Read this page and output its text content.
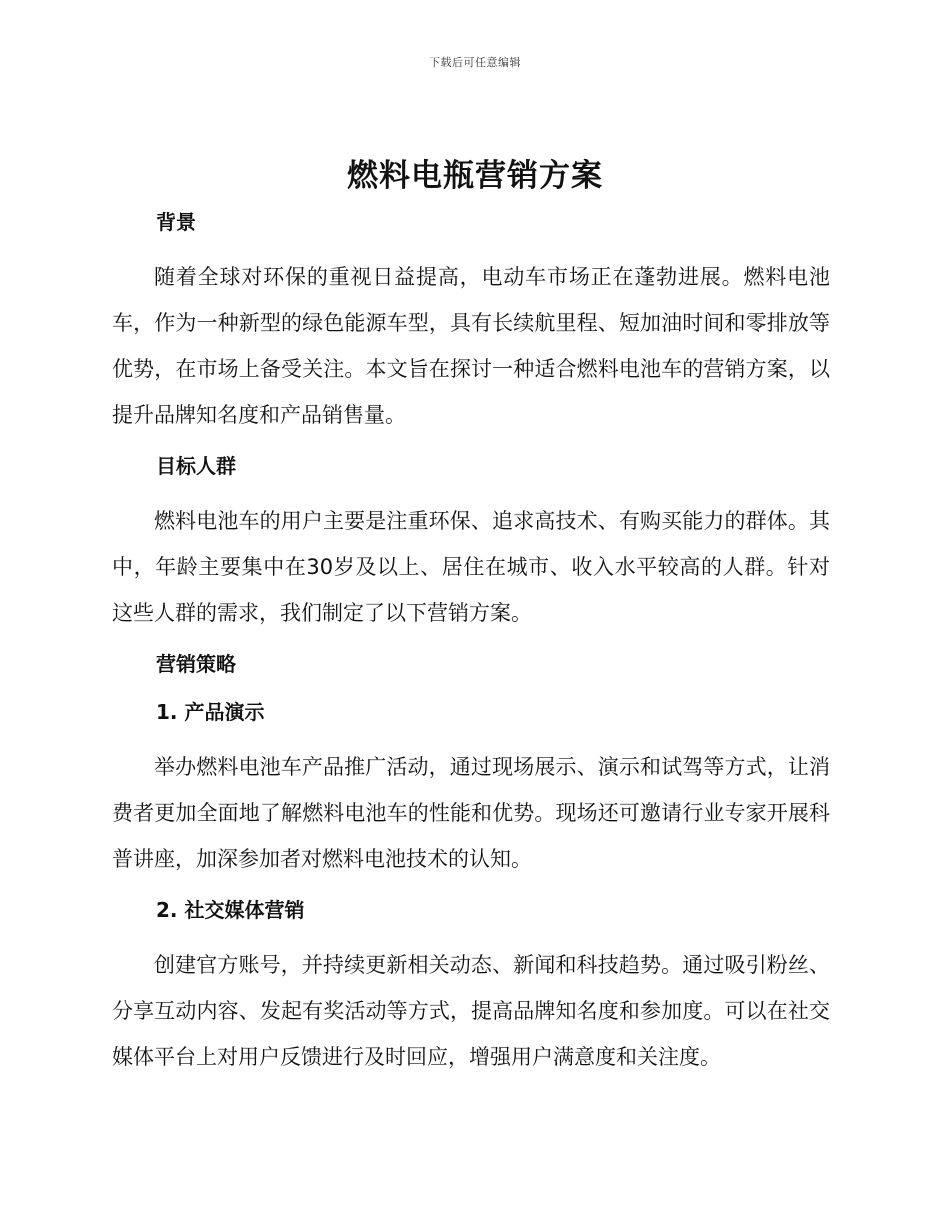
下载后可任意编辑
燃料电瓶营销方案
背景

随着全球对环保的重视日益提高，电动车市场正在蓬勃进展。燃料电池车，作为一种新型的绿色能源车型，具有长续航里程、短加油时间和零排放等优势，在市场上备受关注。本文旨在探讨一种适合燃料电池车的营销方案，以提升品牌知名度和产品销售量。

目标人群

燃料电池车的用户主要是注重环保、追求高技术、有购买能力的群体。其中，年龄主要集中在30岁及以上、居住在城市、收入水平较高的人群。针对这些人群的需求，我们制定了以下营销方案。

营销策略
1. 产品演示

举办燃料电池车产品推广活动，通过现场展示、演示和试驾等方式，让消费者更加全面地了解燃料电池车的性能和优势。现场还可邀请行业专家开展科普讲座，加深参加者对燃料电池技术的认知。

2. 社交媒体营销

创建官方账号，并持续更新相关动态、新闻和科技趋势。通过吸引粉丝、分享互动内容、发起有奖活动等方式，提高品牌知名度和参加度。可以在社交媒体平台上对用户反馈进行及时回应，增强用户满意度和关注度。
